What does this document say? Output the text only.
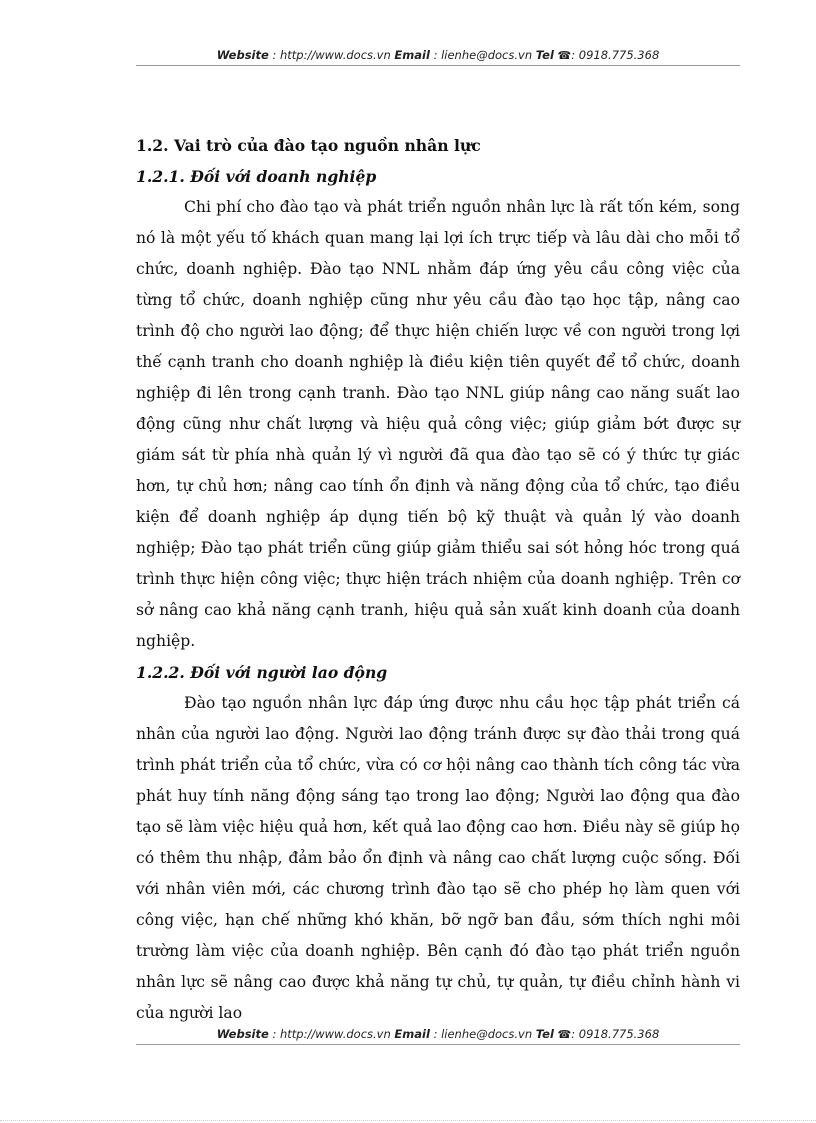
Website : http://www.docs.vn Email : lienhe@docs.vn Tel ☎: 0918.775.368

1.2. Vai trò của đào tạo nguồn nhân lực

1.2.1. Đối với doanh nghiệp

Chi phí cho đào tạo và phát triển nguồn nhân lực là rất tốn kém, song nó là một yếu tố khách quan mang lại lợi ích trực tiếp và lâu dài cho mỗi tổ chức, doanh nghiệp. Đào tạo NNL nhằm đáp ứng yêu cầu công việc của từng tổ chức, doanh nghiệp cũng như yêu cầu đào tạo học tập, nâng cao trình độ cho người lao động; để thực hiện chiến lược về con người trong lợi thế cạnh tranh cho doanh nghiệp là điều kiện tiên quyết để tổ chức, doanh nghiệp đi lên trong cạnh tranh. Đào tạo NNL giúp nâng cao năng suất lao động cũng như chất lượng và hiệu quả công việc; giúp giảm bớt được sự giám sát từ phía nhà quản lý vì người đã qua đào tạo sẽ có ý thức tự giác hơn, tự chủ hơn; nâng cao tính ổn định và năng động của tổ chức, tạo điều kiện để doanh nghiệp áp dụng tiến bộ kỹ thuật và quản lý vào doanh nghiệp; Đào tạo phát triển cũng giúp giảm thiểu sai sót hỏng hóc trong quá trình thực hiện công việc; thực hiện trách nhiệm của doanh nghiệp. Trên cơ sở nâng cao khả năng cạnh tranh, hiệu quả sản xuất kinh doanh của doanh nghiệp.

1.2.2. Đối với người lao động

Đào tạo nguồn nhân lực đáp ứng được nhu cầu học tập phát triển cá nhân của người lao động. Người lao động tránh được sự đào thải trong quá trình phát triển của tổ chức, vừa có cơ hội nâng cao thành tích công tác vừa phát huy tính năng động sáng tạo trong lao động; Người lao động qua đào tạo sẽ làm việc hiệu quả hơn, kết quả lao động cao hơn. Điều này sẽ giúp họ có thêm thu nhập, đảm bảo ổn định và nâng cao chất lượng cuộc sống. Đối với nhân viên mới, các chương trình đào tạo sẽ cho phép họ làm quen với công việc, hạn chế những khó khăn, bỡ ngỡ ban đầu, sớm thích nghi môi trường làm việc của doanh nghiệp. Bên cạnh đó đào tạo phát triển nguồn nhân lực sẽ nâng cao được khả năng tự chủ, tự quản, tự điều chỉnh hành vi của người lao

Website : http://www.docs.vn Email : lienhe@docs.vn Tel ☎: 0918.775.368
